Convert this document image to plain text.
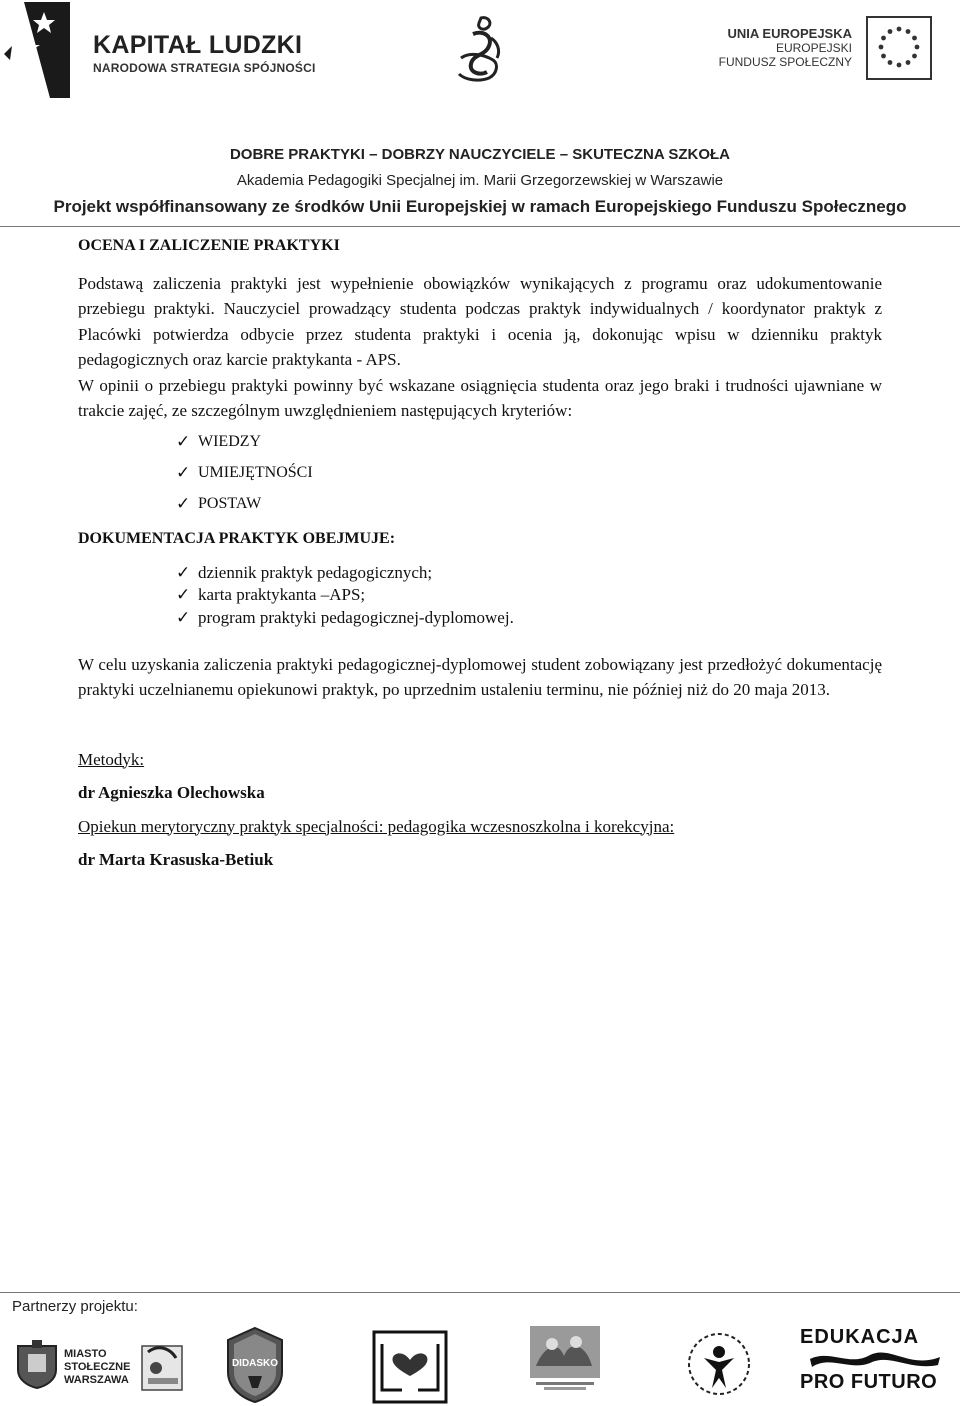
KAPITAŁ LUDZKI
NARODOWA STRATEGIA SPÓJNOŚCI
UNIA EUROPEJSKA
EUROPEJSKI
FUNDUSZ SPOŁECZNY
DOBRE PRAKTYKI – DOBRZY NAUCZYCIELE – SKUTECZNA SZKOŁA
Akademia Pedagogiki Specjalnej im. Marii Grzegorzewskiej w Warszawie
Projekt współfinansowany ze środków Unii Europejskiej w ramach Europejskiego Funduszu Społecznego

OCENA I ZALICZENIE PRAKTYKI

Podstawą zaliczenia praktyki jest wypełnienie obowiązków wynikających z programu oraz udokumentowanie przebiegu praktyki. Nauczyciel prowadzący studenta podczas praktyk indywidualnych / koordynator praktyk z Placówki potwierdza odbycie przez studenta praktyki i ocenia ją, dokonując wpisu w dzienniku praktyk pedagogicznych oraz karcie praktykanta - APS.

W opinii o przebiegu praktyki powinny być wskazane osiągnięcia studenta oraz jego braki i trudności ujawniane w trakcie zajęć, ze szczególnym uwzględnieniem następujących kryteriów:

✓ WIEDZY
✓ UMIEJĘTNOŚCI
✓ POSTAW

DOKUMENTACJA PRAKTYK OBEJMUJE:

✓ dziennik praktyk pedagogicznych;
✓ karta praktykanta –APS;
✓ program praktyki pedagogicznej-dyplomowej.

W celu uzyskania zaliczenia praktyki pedagogicznej-dyplomowej student zobowiązany jest przedłożyć dokumentację praktyki uczelnianemu opiekunowi praktyk, po uprzednim ustaleniu terminu, nie później niż do 20 maja 2013.

Metodyk:

dr Agnieszka Olechowska

Opiekun merytoryczny praktyk specjalności: pedagogika wczesnoszkolna i korekcyjna:

dr Marta Krasuska-Betiuk

Partnerzy projektu:
MIASTO
STOŁECZNE
WARSZAWA
DIDASKO
EDUKACJA
PRO FUTURO
